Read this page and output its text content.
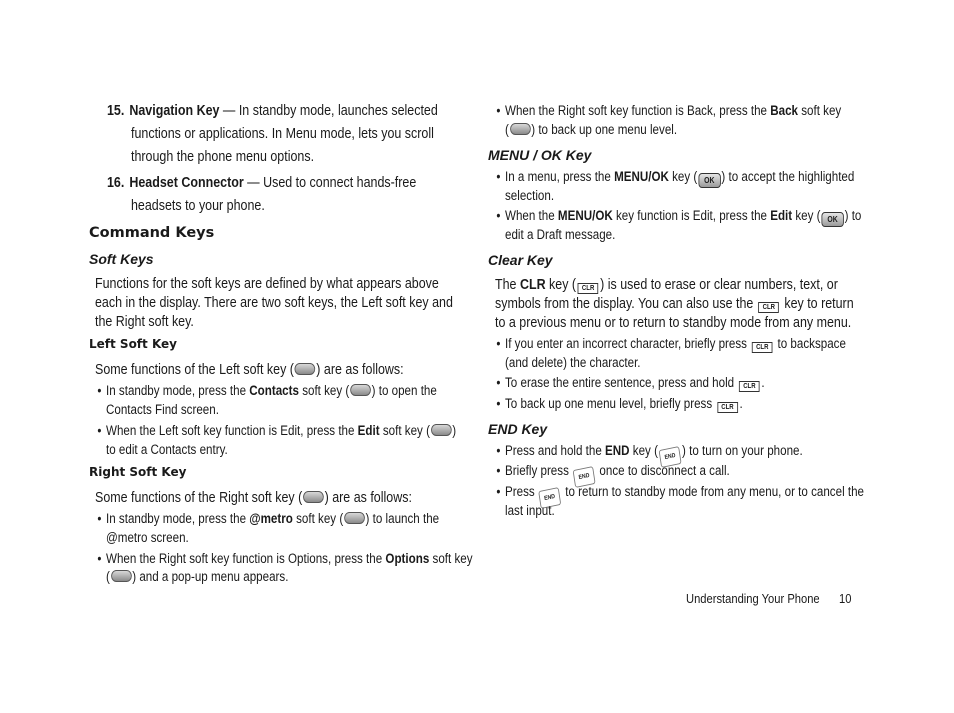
15. Navigation Key — In standby mode, launches selected
functions or applications. In Menu mode, lets you scroll
through the phone menu options.
16. Headset Connector — Used to connect hands-free
headsets to your phone.
Command Keys
Soft Keys
Functions for the soft keys are defined by what appears above
each in the display. There are two soft keys, the Left soft key and
the Right soft key.
Left Soft Key
Some functions of the Left soft key ( ) are as follows:
• In standby mode, press the Contacts soft key ( ) to open the
Contacts Find screen.
• When the Left soft key function is Edit, press the Edit soft key ( )
to edit a Contacts entry.
Right Soft Key
Some functions of the Right soft key ( ) are as follows:
• In standby mode, press the @metro soft key ( ) to launch the
@metro screen.
• When the Right soft key function is Options, press the Options soft key
( ) and a pop-up menu appears.
• When the Right soft key function is Back, press the Back soft key
( ) to back up one menu level.
MENU / OK Key
• In a menu, press the MENU/OK key ( OK ) to accept the highlighted
selection.
• When the MENU/OK key function is Edit, press the Edit key ( OK ) to
edit a Draft message.
Clear Key
The CLR key ( CLR ) is used to erase or clear numbers, text, or
symbols from the display. You can also use the CLR key to return
to a previous menu or to return to standby mode from any menu.
• If you enter an incorrect character, briefly press CLR to backspace
(and delete) the character.
• To erase the entire sentence, press and hold CLR .
• To back up one menu level, briefly press CLR .
END Key
• Press and hold the END key ( END ) to turn on your phone.
• Briefly press END once to disconnect a call.
• Press END to return to standby mode from any menu, or to cancel the
last input.
Understanding Your Phone 10
